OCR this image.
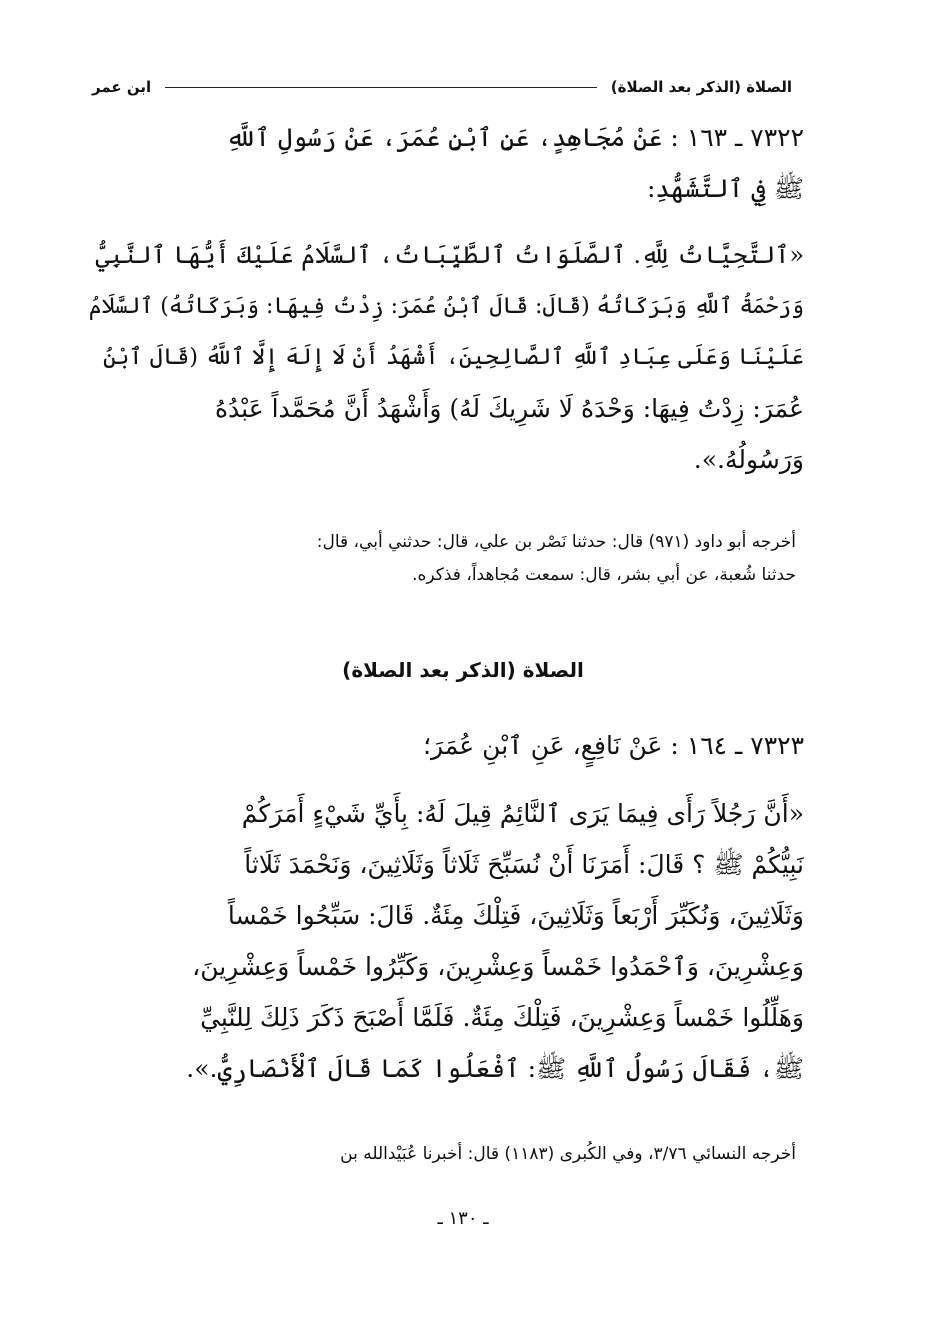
الصلاة (الذكر بعد الصلاة)
ابن عمر

٧٣٢٢ ـ ١٦٣ : عَنْ مُجَاهِدٍ، عَنِ ٱبْنِ عُمَرَ، عَنْ رَسُولِ ٱللَّهِ

ﷺ فِي ٱلتَّشَهُّدِ:

«ٱلتَّحِيَّاتُ لِلَّهِ. ٱلصَّلَوَاتُ ٱلطَّيِّبَاتُ، ٱلسَّلَامُ عَلَيْكَ أَيُّهَا ٱلنَّبِيُّ

وَرَحْمَةُ ٱللَّهِ وَبَرَكَاتُهُ (قَالَ: قَالَ ٱبْنُ عُمَرَ: زِدْتُ فِيهَا: وَبَرَكَاتُهُ) ٱلسَّلَامُ

عَلَيْنَا وَعَلَى عِبَادِ ٱللَّهِ ٱلصَّالِحِينَ، أَشْهَدُ أَنْ لَا إِلَهَ إِلَّا ٱللَّهُ (قَالَ ٱبْنُ

عُمَرَ: زِدْتُ فِيهَا: وَحْدَهُ لَا شَرِيكَ لَهُ) وَأَشْهَدُ أَنَّ مُحَمَّداً عَبْدُهُ

وَرَسُولُهُ.».

أخرجه أبو داود (٩٧١) قال: حدثنا نَصْر بن علي، قال: حدثني أبي، قال:

حدثنا شُعبة، عن أبي بشر، قال: سمعت مُجاهداً، فذكره.

الصلاة (الذكر بعد الصلاة)

٧٣٢٣ ـ ١٦٤ : عَنْ نَافِعٍ، عَنِ ٱبْنِ عُمَرَ؛

«أَنَّ رَجُلاً رَأَى فِيمَا يَرَى ٱلنَّائِمُ قِيلَ لَهُ: بِأَيِّ شَيْءٍ أَمَرَكُمْ

نَبِيُّكُمْ ﷺ ؟ قَالَ: أَمَرَنَا أَنْ نُسَبِّحَ ثَلَاثاً وَثَلَاثِينَ، وَنَحْمَدَ ثَلَاثاً

وَثَلَاثِينَ، وَنُكَبِّرَ أَرْبَعاً وَثَلَاثِينَ، فَتِلْكَ مِئَةٌ. قَالَ: سَبِّحُوا خَمْساً

وَعِشْرِينَ، وَٱحْمَدُوا خَمْساً وَعِشْرِينَ، وَكَبِّرُوا خَمْساً وَعِشْرِينَ،

وَهَلِّلُوا خَمْساً وَعِشْرِينَ، فَتِلْكَ مِئَةٌ. فَلَمَّا أَصْبَحَ ذَكَرَ ذَلِكَ لِلنَّبِيِّ

ﷺ، فَقَالَ رَسُولُ ٱللَّهِ ﷺ: ٱفْعَلُوا كَمَا قَالَ ٱلْأَنْصَارِيُّ.».

أخرجه النسائي ٣/٧٦، وفي الكُبرى (١١٨٣) قال: أخبرنا عُبَيْدالله بن

ـ ١٣٠ ـ
